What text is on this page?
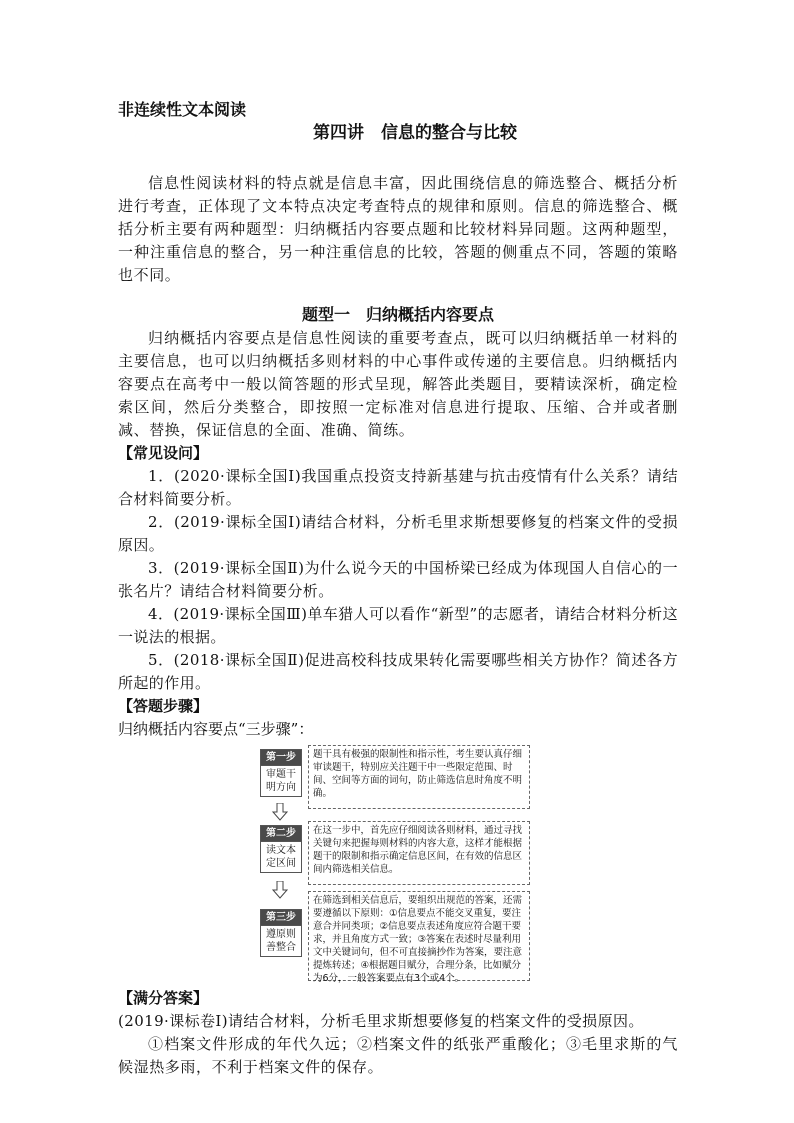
非连续性文本阅读
第四讲　信息的整合与比较

信息性阅读材料的特点就是信息丰富，因此围绕信息的筛选整合、概括分析进行考查，正体现了文本特点决定考查特点的规律和原则。信息的筛选整合、概括分析主要有两种题型：归纳概括内容要点题和比较材料异同题。这两种题型，一种注重信息的整合，另一种注重信息的比较，答题的侧重点不同，答题的策略也不同。

题型一　归纳概括内容要点

归纳概括内容要点是信息性阅读的重要考查点，既可以归纳概括单一材料的主要信息，也可以归纳概括多则材料的中心事件或传递的主要信息。归纳概括内容要点在高考中一般以简答题的形式呈现，解答此类题目，要精读深析，确定检索区间，然后分类整合，即按照一定标准对信息进行提取、压缩、合并或者删减、替换，保证信息的全面、准确、简练。

【常见设问】

1．(2020·课标全国Ⅰ)我国重点投资支持新基建与抗击疫情有什么关系？请结合材料简要分析。

2．(2019·课标全国Ⅰ)请结合材料，分析毛里求斯想要修复的档案文件的受损原因。

3．(2019·课标全国Ⅱ)为什么说今天的中国桥梁已经成为体现国人自信心的一张名片？请结合材料简要分析。

4．(2019·课标全国Ⅲ)单车猎人可以看作“新型”的志愿者，请结合材料分析这一说法的根据。

5．(2018·课标全国Ⅱ)促进高校科技成果转化需要哪些相关方协作？简述各方所起的作用。

【答题步骤】

归纳概括内容要点“三步骤”：

第一步
审题干明方向
题干具有极强的限制性和指示性，考生要认真仔细审读题干，特别应关注题干中一些限定范围、时间、空间等方面的词句，防止筛选信息时角度不明确。
第二步
读文本定区间
在这一步中，首先应仔细阅读各则材料，通过寻找关键句来把握每则材料的内容大意，这样才能根据题干的限制和指示确定信息区间，在有效的信息区间内筛选相关信息。
第三步
遵原则善整合
在筛选到相关信息后，要组织出规范的答案，还需要遵循以下原则：①信息要点不能交叉重复，要注意合并同类项；②信息要点表述角度应符合题干要求，并且角度方式一致；③答案在表述时尽量利用文中关键词句，但不可直接摘抄作为答案，要注意提炼转述；④根据题目赋分，合理分条，比如赋分为6分，一般答案要点有3个或4个。

【满分答案】

(2019·课标卷Ⅰ)请结合材料，分析毛里求斯想要修复的档案文件的受损原因。

①档案文件形成的年代久远；②档案文件的纸张严重酸化；③毛里求斯的气候湿热多雨，不利于档案文件的保存。
